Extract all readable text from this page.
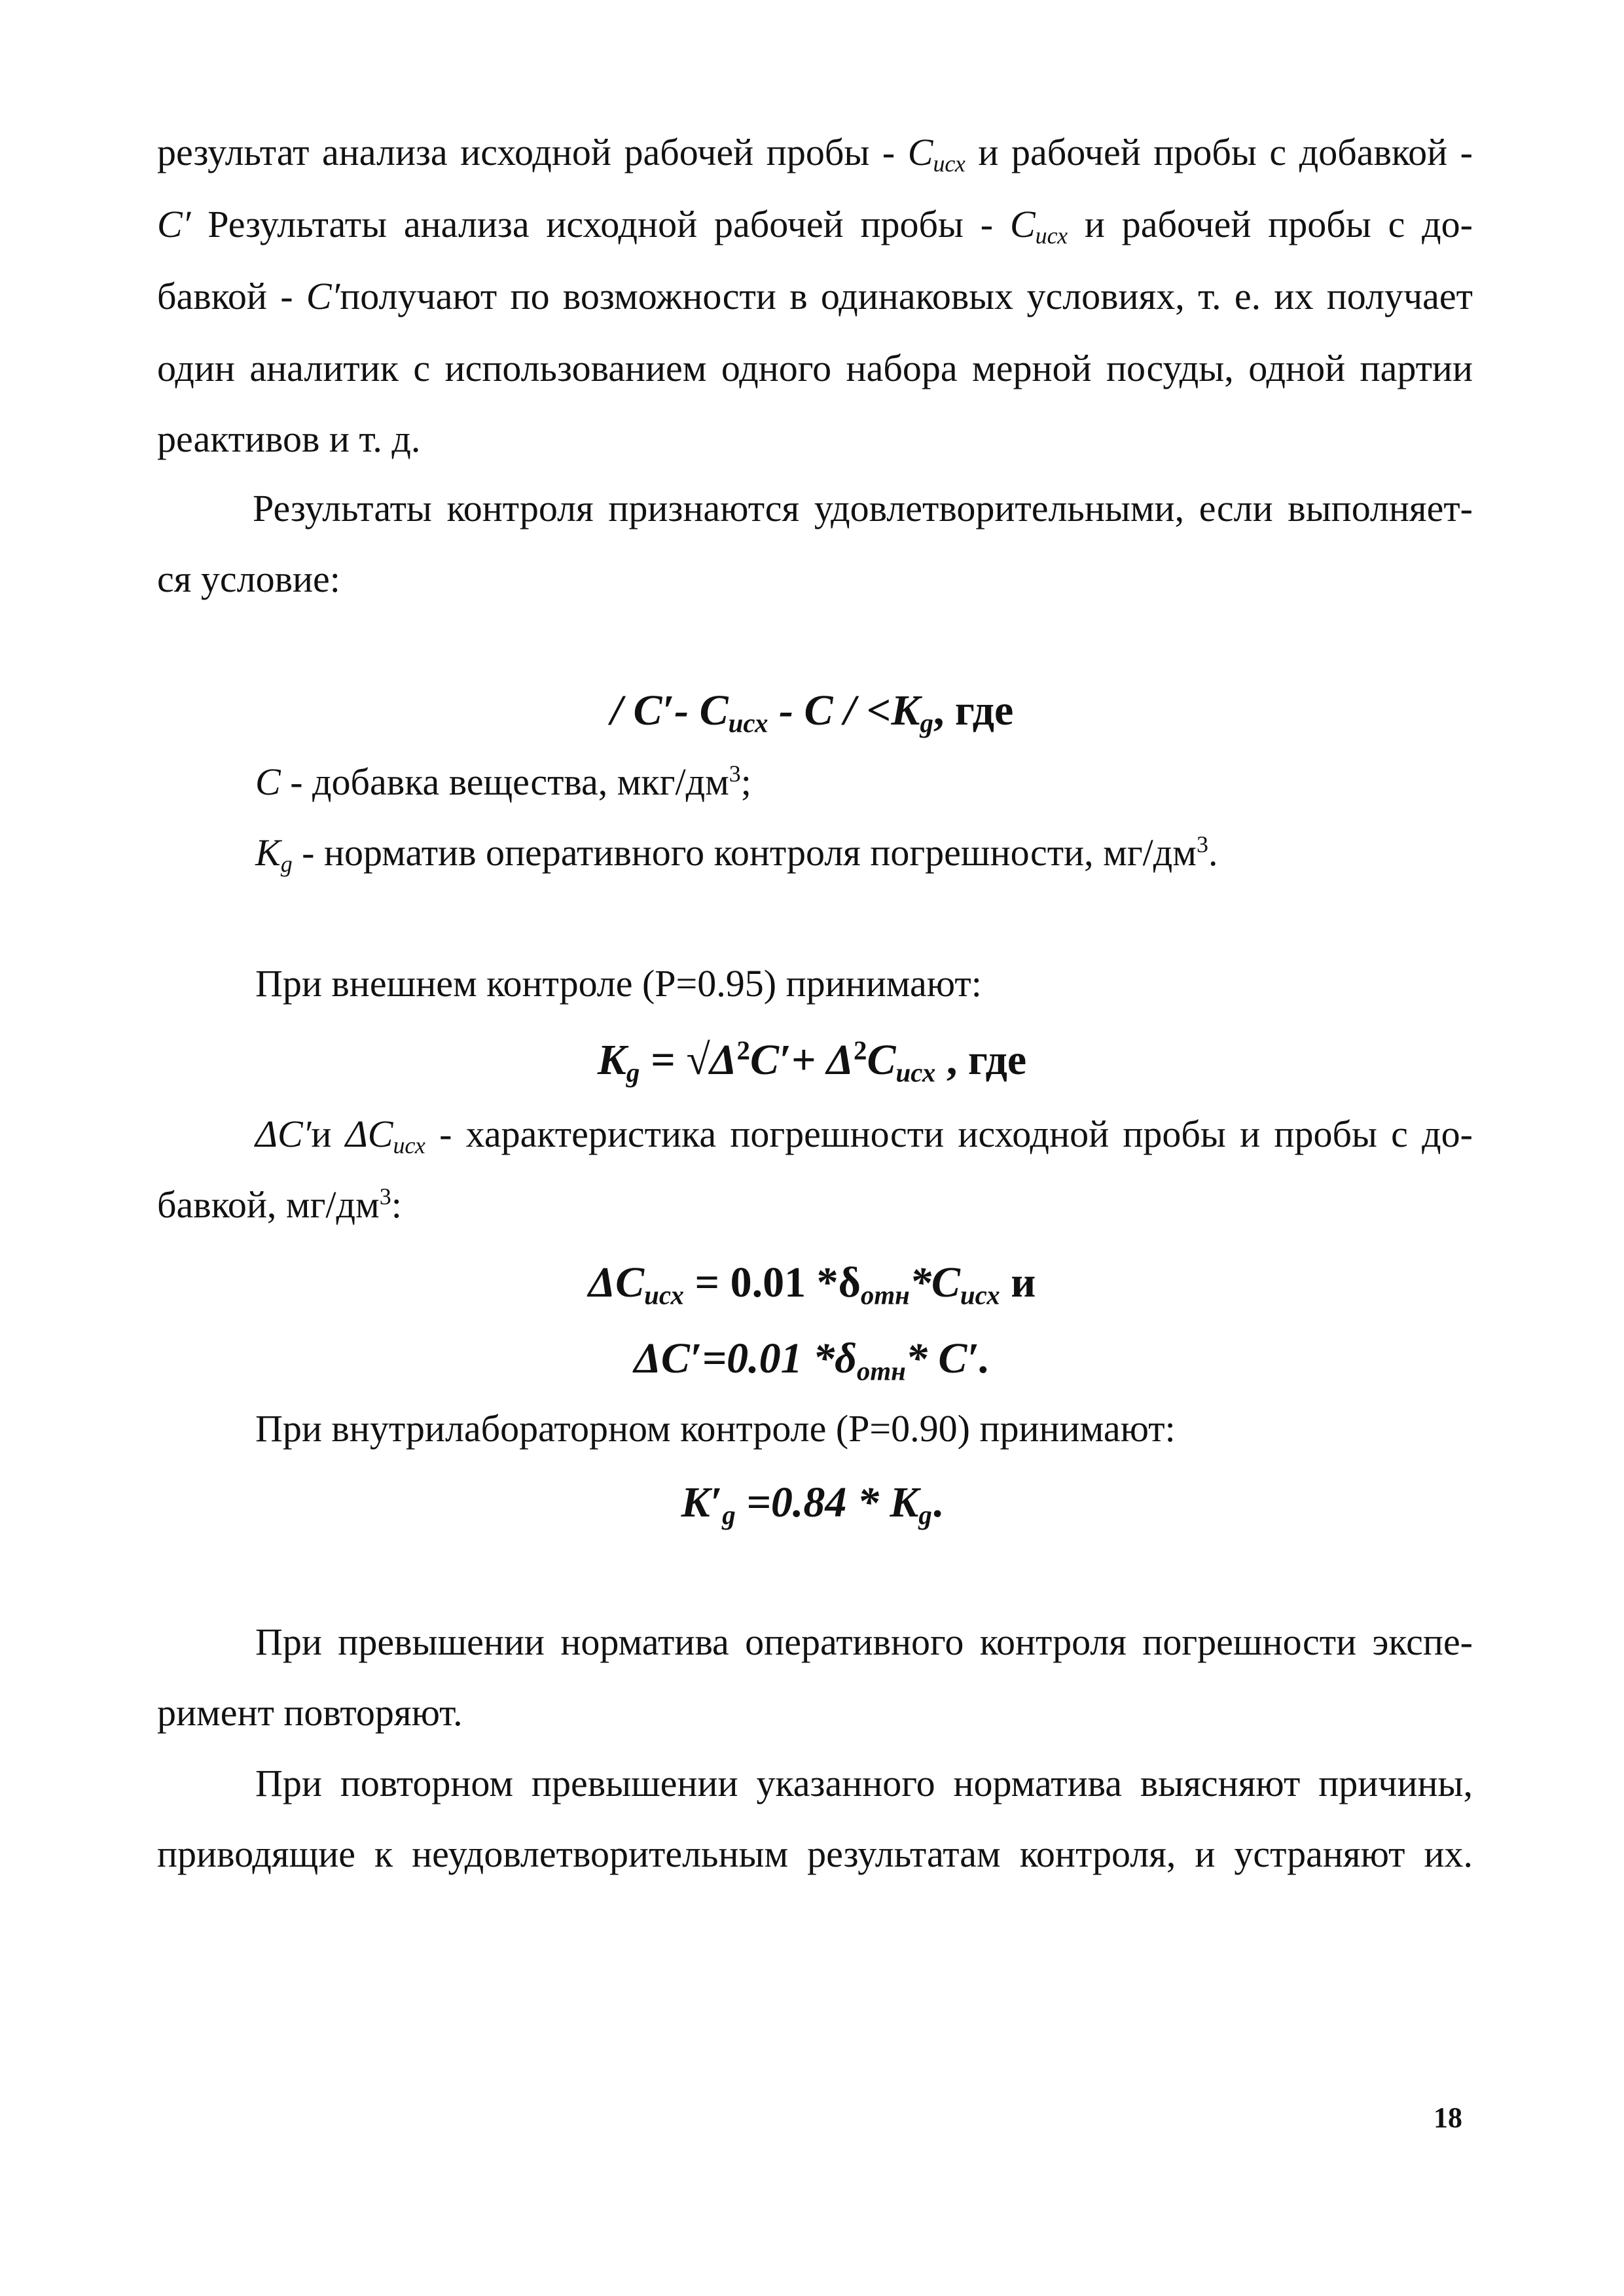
результат анализа исходной рабочей пробы - $C_{исх}$ и рабочей пробы с добавкой -
C′ Результаты анализа исходной рабочей пробы - $C_{исх}$ и рабочей пробы с до-
бавкой - C′получают по возможности в одинаковых условиях, т. е. их получает
один аналитик с использованием одного набора мерной посуды, одной партии
реактивов и т. д.
Результаты контроля признаются удовлетворительными, если выполняет-
ся условие:
/ C′- $C_{исх} - C / <K_g$, где
C - добавка вещества, мкг/$дм^3$;
$K_g$ - норматив оперативного контроля погрешности, $мг/дм^3$.
При внешнем контроле (Р=0.95) принимают:
$K_g = √\Delta^2C'+ \Delta^2C_{исх}$ , где
ΔC′и $\Delta C_{исх}$ - характеристика погрешности исходной пробы и пробы с до-
бавкой, $мг/дм^3$:
$\Delta C_{исх} = 0.01$ $*\delta_{отн}*C_{исх}$ и
ΔC′=0.01 $*\delta_{отн}*$ C′.
При внутрилабораторном контроле (Р=0.90) принимают:
$K'_g =0.84 * K_g$.
При превышении норматива оперативного контроля погрешности экспе-
римент повторяют.
При повторном превышении указанного норматива выясняют причины,
приводящие к неудовлетворительным результатам контроля, и устраняют их.
18
